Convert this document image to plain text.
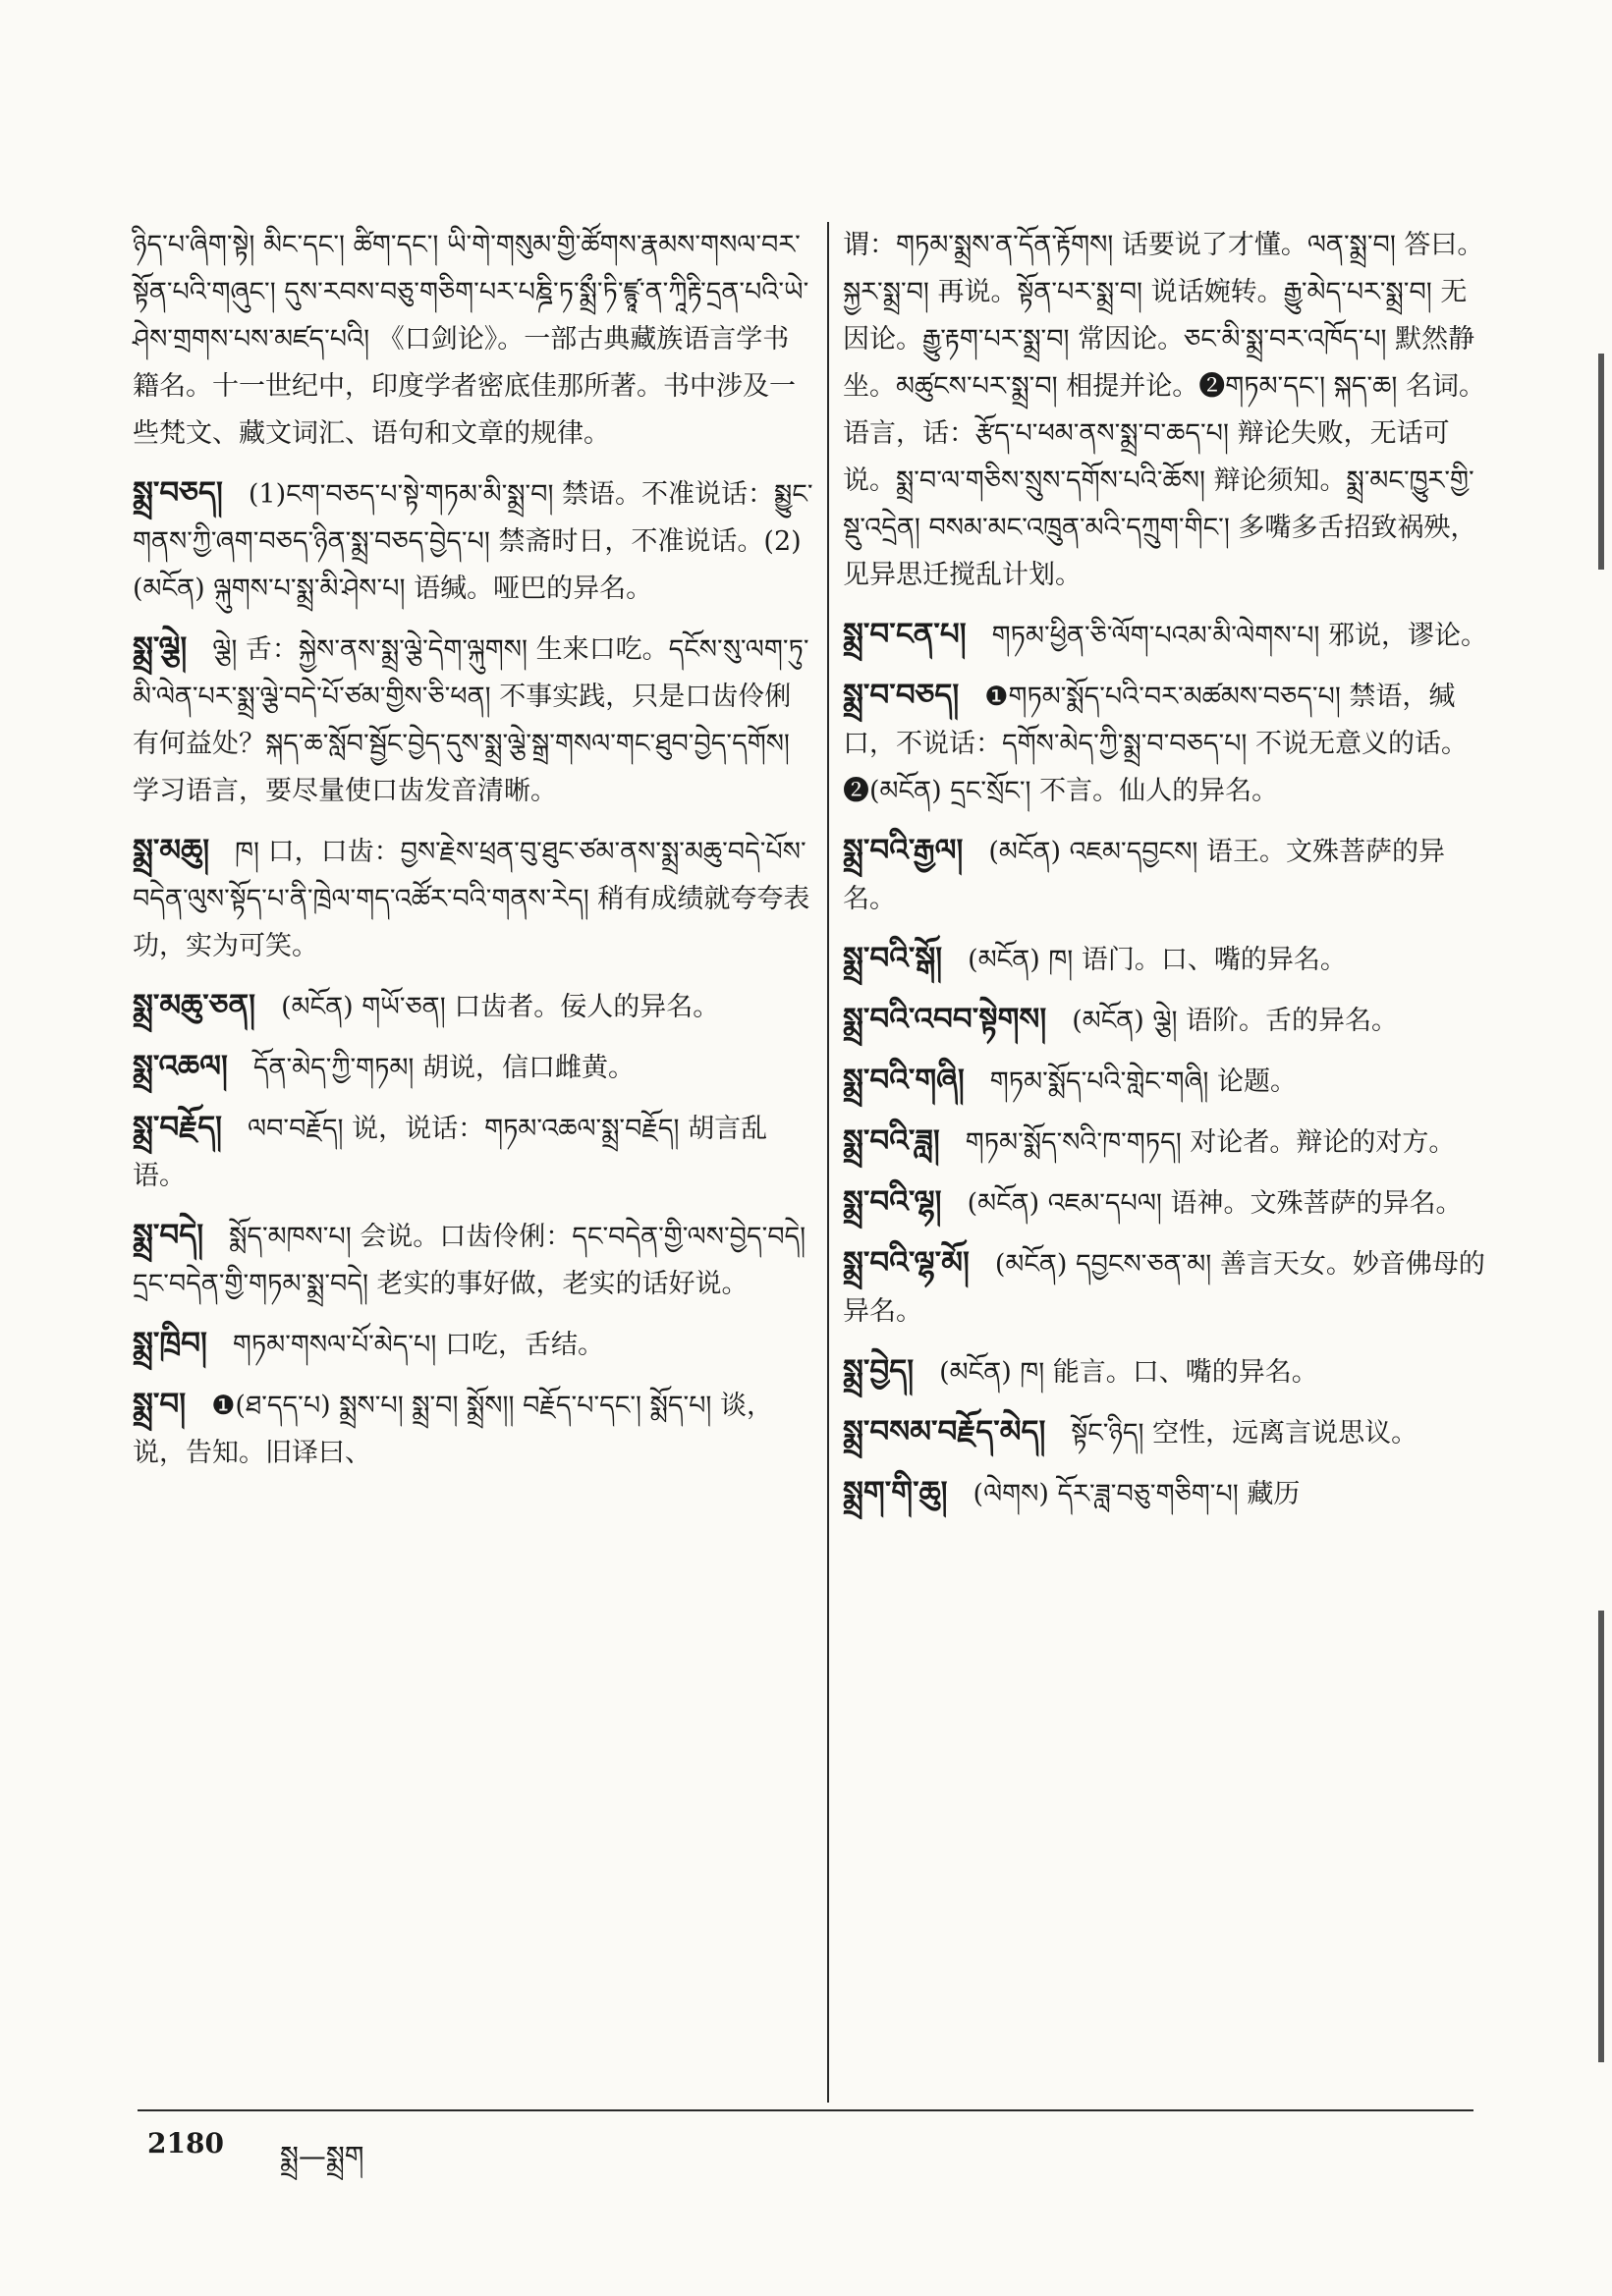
ཉིད་པ་ཞིག་སྟེ། མིང་དང་། ཚིག་དང་། ཡི་གེ་གསུམ་གྱི་ཚོགས་རྣམས་གསལ་བར་སྟོན་པའི་གཞུང་། དུས་རབས་བཅུ་གཅིག་པར་པཎྜི་ཏ་སྨྲྀ་ཏི་ཛྙཱ་ན་ཀཱིརྟི་དྲན་པའི་ཡེ་ཤེས་གྲགས་པས་མཛད་པའི། 《口剑论》。一部古典藏族语言学书籍名。十一世纪中，印度学者密底佳那所著。书中涉及一些梵文、藏文词汇、语句和文章的规律。
སྨྲ་བཅད། (1)ངག་བཅད་པ་སྟེ་གཏམ་མི་སྨྲ་བ། 禁语。不准说话：སྨྱུང་གནས་ཀྱི་ཞག་བཅད་ཉིན་སྨྲ་བཅད་བྱེད་པ། 禁斋时日，不准说话。(2)(མངོན) ལྐུགས་པ་སྨྲ་མི་ཤེས་པ། 语缄。哑巴的异名。
སྨྲ་ལྕེ། ལྕེ། 舌：སྐྱེས་ནས་སྨྲ་ལྕེ་དེག་ལྐུགས། 生来口吃。དངོས་སུ་ལག་ཏུ་མི་ལེན་པར་སྨྲ་ལྕེ་བདེ་པོ་ཙམ་གྱིས་ཅི་ཕན། 不事实践，只是口齿伶俐有何益处？སྐད་ཆ་སློབ་སྦྱོང་བྱེད་དུས་སྨྲ་ལྕེ་སྒྲ་གསལ་གང་ཐུབ་བྱེད་དགོས། 学习语言，要尽量使口齿发音清晰。
སྨྲ་མཆུ། ཁ། 口，口齿：བྱས་རྗེས་ཕྲན་བུ་ཐུང་ཙམ་ནས་སྨྲ་མཆུ་བདེ་པོས་བདེན་ལུས་སྟོད་པ་ནི་ཁྲེལ་གད་འཚོར་བའི་གནས་རེད། 稍有成绩就夸夸表功，实为可笑。
སྨྲ་མཆུ་ཅན། (མངོན) གཡོ་ཅན། 口齿者。佞人的异名。
སྨྲ་འཆལ། དོན་མེད་ཀྱི་གཏམ། 胡说，信口雌黄。
སྨྲ་བརྗོད། ལབ་བརྗོད། 说，说话：གཏམ་འཆལ་སྨྲ་བརྗོད། 胡言乱语。
སྨྲ་བདེ། སྨོད་མཁས་པ། 会说。口齿伶俐：དང་བདེན་གྱི་ལས་བྱེད་བདེ། དྲང་བདེན་གྱི་གཏམ་སྨྲ་བདེ། 老实的事好做，老实的话好说。
སྨྲ་ཁྲིབ། གཏམ་གསལ་པོ་མེད་པ། 口吃，舌结。
སྨྲ་བ། ❶(ཐ་དད་པ) སྨྲས་པ། སྨྲ་བ། སྨྲོས།། བརྗོད་པ་དང་། སྨོད་པ། 谈，说，告知。旧译曰、
谓：གཏམ་སྨྲས་ན་དོན་རྟོགས། 话要说了才懂。ལན་སྨྲ་བ། 答曰。སྐྱར་སྨྲ་བ། 再说。སྟོན་པར་སྨྲ་བ། 说话婉转。རྒྱུ་མེད་པར་སྨྲ་བ། 无因论。རྒྱུ་རྟག་པར་སྨྲ་བ། 常因论。ཅང་མི་སྨྲ་བར་འཁོད་པ། 默然静坐。མཚུངས་པར་སྨྲ་བ། 相提并论。❷གཏམ་དང་། སྐད་ཆ། 名词。语言，话：རྩོད་པ་ཕམ་ནས་སྨྲ་བ་ཆད་པ། 辩论失败，无话可说。སྨྲ་བ་ལ་གཅིས་སྲུས་དགོས་པའི་ཆོས། 辩论须知。སྨྲ་མང་ཁྱུར་གྱི་སྡུ་འདྲེན། བསམ་མང་འཁྲུན་མའི་དཀྲུག་གིང་། 多嘴多舌招致祸殃，见异思迁搅乱计划。
སྨྲ་བ་ངན་པ། གཏམ་ཕྱིན་ཅི་ལོག་པའམ་མི་ལེགས་པ། 邪说，谬论。
སྨྲ་བ་བཅད། ❶གཏམ་སྨོད་པའི་བར་མཚམས་བཅད་པ། 禁语，缄口，不说话：དགོས་མེད་ཀྱི་སྨྲ་བ་བཅད་པ། 不说无意义的话。❷(མངོན) དྲང་སྲོང་། 不言。仙人的异名。
སྨྲ་བའི་རྒྱལ། (མངོན) འཇམ་དབྱངས། 语王。文殊菩萨的异名。
སྨྲ་བའི་སྒོ། (མངོན) ཁ། 语门。口、嘴的异名。
སྨྲ་བའི་འབབ་སྟེགས། (མངོན) ལྕེ། 语阶。舌的异名。
སྨྲ་བའི་གཞི། གཏམ་སྨོད་པའི་གླེང་གཞི། 论题。
སྨྲ་བའི་ཟླ། གཏམ་སྨོད་སའི་ཁ་གཏད། 对论者。辩论的对方。
སྨྲ་བའི་ལྷ། (མངོན) འཇམ་དཔལ། 语神。文殊菩萨的异名。
སྨྲ་བའི་ལྷ་མོ། (མངོན) དབྱངས་ཅན་མ། 善言天女。妙音佛母的异名。
སྨྲ་བྱེད། (མངོན) ཁ། 能言。口、嘴的异名。
སྨྲ་བསམ་བརྗོད་མེད། སྟོང་ཉིད། 空性，远离言说思议。
སྨྲག་གི་ཆུ། (ལེགས) དོར་ཟླ་བཅུ་གཅིག་པ། 藏历
2180 སྨྲ—སྨྲག
